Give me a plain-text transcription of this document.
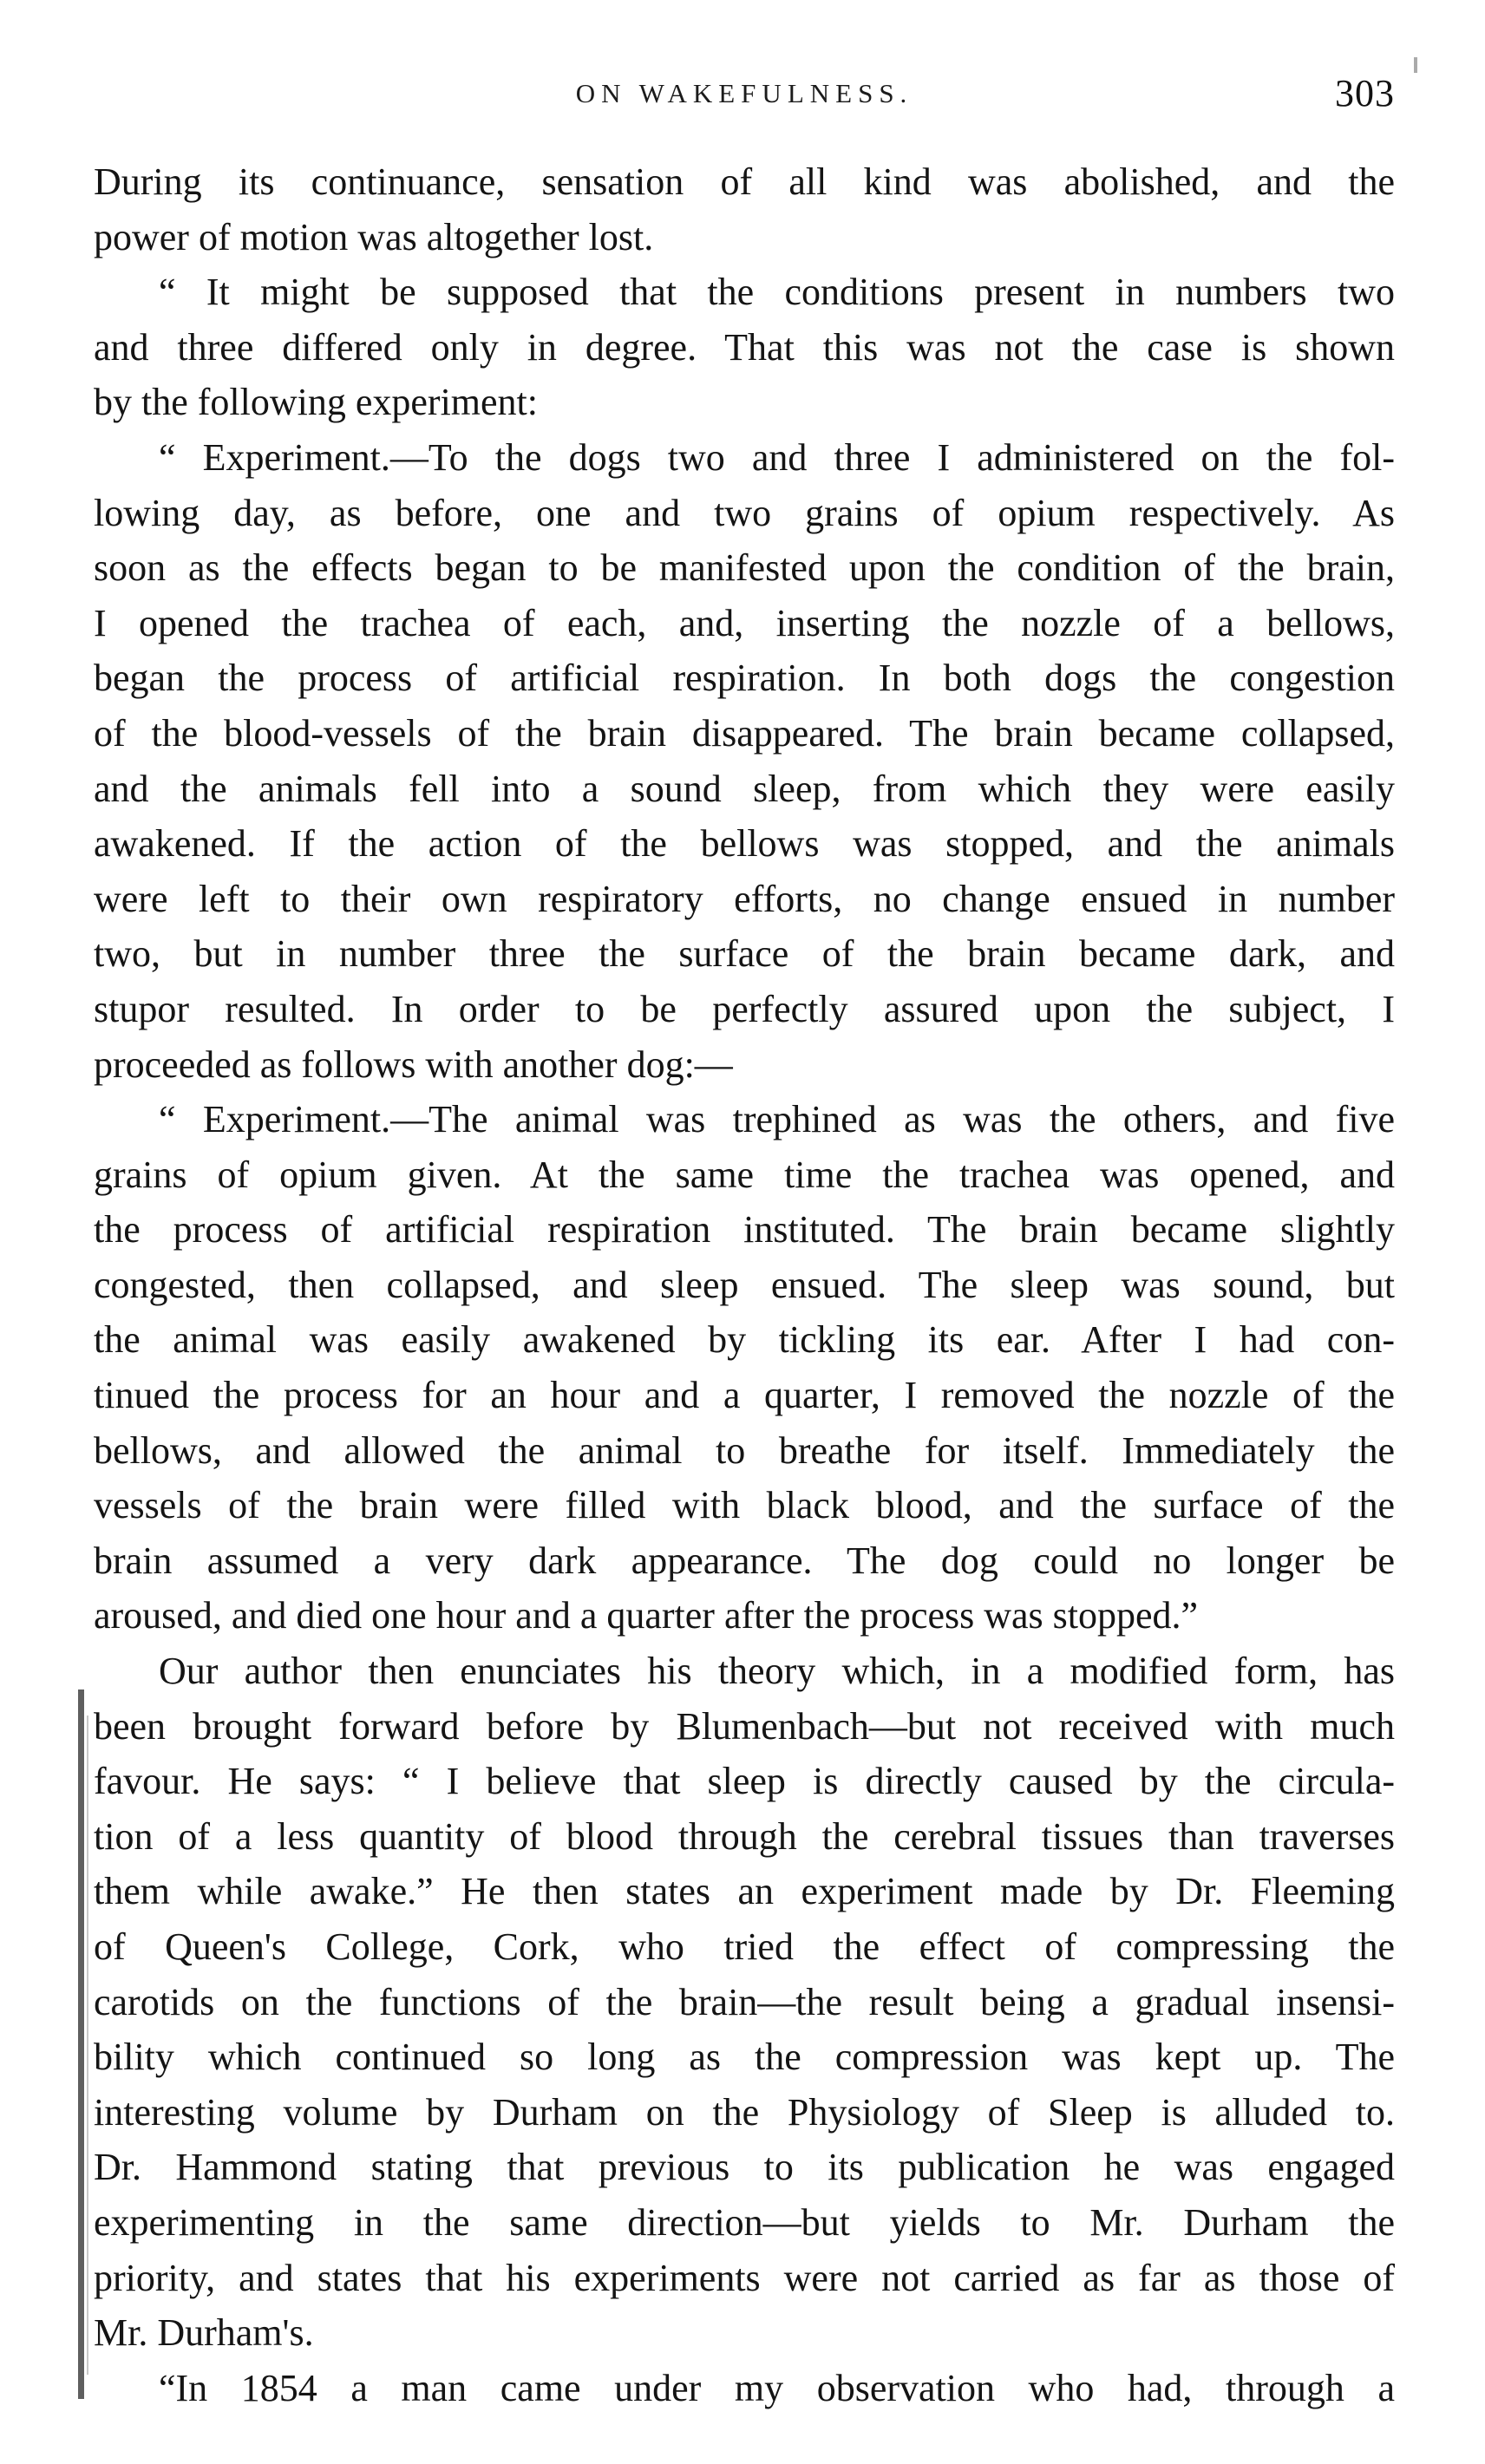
ON WAKEFULNESS.	303
During its continuance, sensation of all kind was abolished, and the
power of motion was altogether lost.
“ It might be supposed that the conditions present in numbers two
and three differed only in degree. That this was not the case is shown
by the following experiment:
“ Experiment.—To the dogs two and three I administered on the fol-
lowing day, as before, one and two grains of opium respectively. As
soon as the effects began to be manifested upon the condition of the brain,
I opened the trachea of each, and, inserting the nozzle of a bellows,
began the process of artificial respiration. In both dogs the congestion
of the blood-vessels of the brain disappeared. The brain became collapsed,
and the animals fell into a sound sleep, from which they were easily
awakened. If the action of the bellows was stopped, and the animals
were left to their own respiratory efforts, no change ensued in number
two, but in number three the surface of the brain became dark, and
stupor resulted. In order to be perfectly assured upon the subject, I
proceeded as follows with another dog:—
“ Experiment.—The animal was trephined as was the others, and five
grains of opium given. At the same time the trachea was opened, and
the process of artificial respiration instituted. The brain became slightly
congested, then collapsed, and sleep ensued. The sleep was sound, but
the animal was easily awakened by tickling its ear. After I had con-
tinued the process for an hour and a quarter, I removed the nozzle of the
bellows, and allowed the animal to breathe for itself. Immediately the
vessels of the brain were filled with black blood, and the surface of the
brain assumed a very dark appearance. The dog could no longer be
aroused, and died one hour and a quarter after the process was stopped.”
Our author then enunciates his theory which, in a modified form, has
been brought forward before by Blumenbach—but not received with much
favour. He says: “ I believe that sleep is directly caused by the circula-
tion of a less quantity of blood through the cerebral tissues than traverses
them while awake.” He then states an experiment made by Dr. Fleeming
of Queen's College, Cork, who tried the effect of compressing the
carotids on the functions of the brain—the result being a gradual insensi-
bility which continued so long as the compression was kept up. The
interesting volume by Durham on the Physiology of Sleep is alluded to.
Dr. Hammond stating that previous to its publication he was engaged
experimenting in the same direction—but yields to Mr. Durham the
priority, and states that his experiments were not carried as far as those of
Mr. Durham's.
“In 1854 a man came under my observation who had, through a
